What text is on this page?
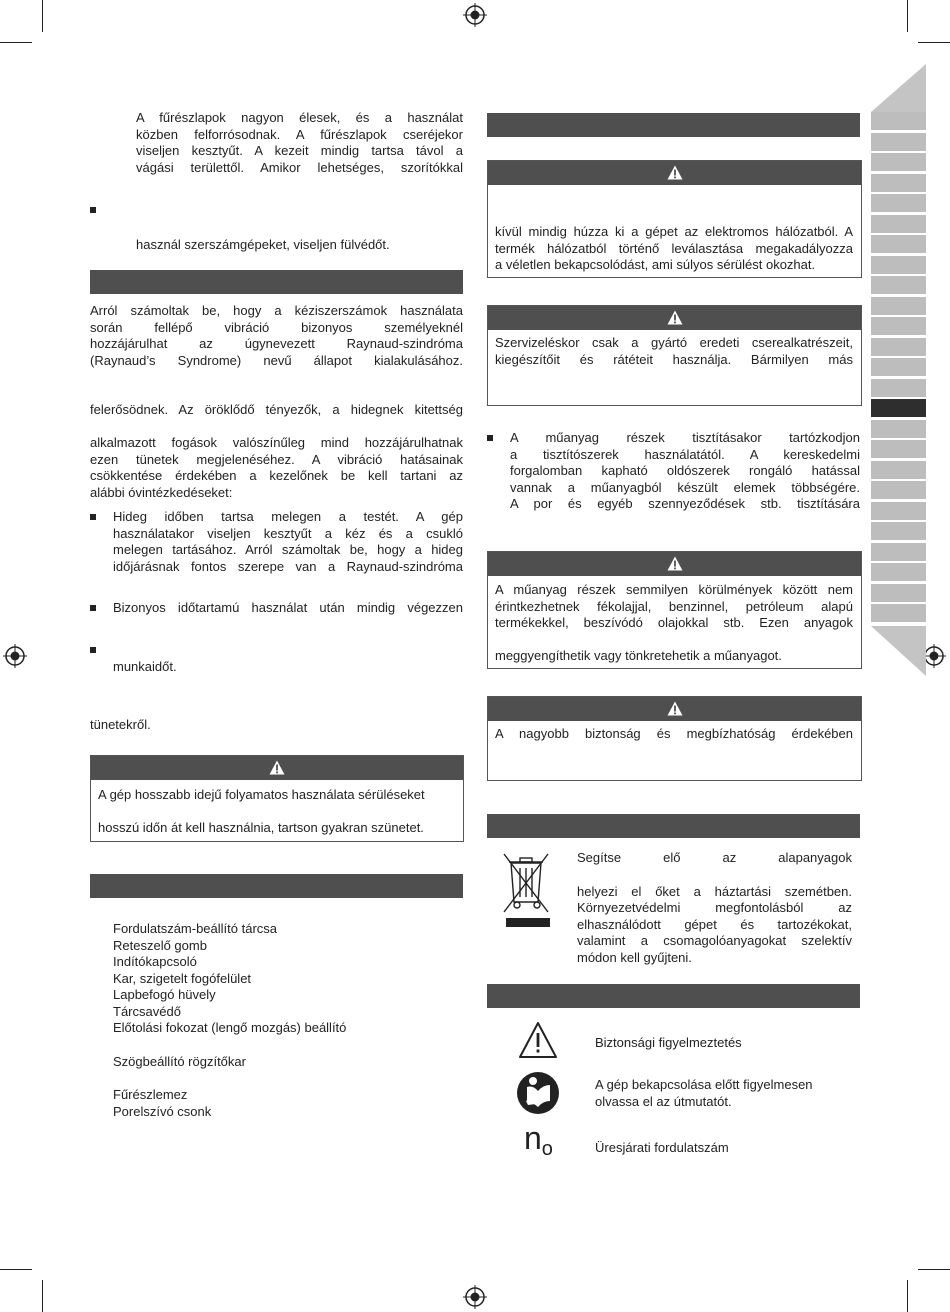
A fűrészlapok nagyon élesek, és a használat
közben felforrósodnak. A fűrészlapok cseréjekor
viseljen kesztyűt. A kezeit mindig tartsa távol a
vágási területtől. Amikor lehetséges, szorítókkal
használ szerszámgépeket, viseljen fülvédőt.
Arról számoltak be, hogy a kéziszerszámok használata
során fellépő vibráció bizonyos személyeknél
hozzájárulhat az úgynevezett Raynaud-szindróma
(Raynaud’s Syndrome) nevű állapot kialakulásához.
felerősödnek. Az öröklődő tényezők, a hidegnek kitettség
alkalmazott fogások valószínűleg mind hozzájárulhatnak
ezen tünetek megjelenéséhez. A vibráció hatásainak
csökkentése érdekében a kezelőnek be kell tartani az
alábbi óvintézkedéseket:
Hideg időben tartsa melegen a testét. A gép
használatakor viseljen kesztyűt a kéz és a csukló
melegen tartásához. Arról számoltak be, hogy a hideg
időjárásnak fontos szerepe van a Raynaud-szindróma
Bizonyos időtartamú használat után mindig végezzen
munkaidőt.
tünetekről.
A gép hosszabb idejű folyamatos használata sérüléseket
hosszú időn át kell használnia, tartson gyakran szünetet.
Fordulatszám-beállító tárcsa
Reteszelő gomb
Indítókapcsoló
Kar, szigetelt fogófelület
Lapbefogó hüvely
Tárcsavédő
Előtolási fokozat (lengő mozgás) beállító
Szögbeállító rögzítőkar
Fűrészlemez
Porelszívó csonk
kívül mindig húzza ki a gépet az elektromos hálózatból. A
termék hálózatból történő leválasztása megakadályozza
a véletlen bekapcsolódást, ami súlyos sérülést okozhat.
Szervizeléskor csak a gyártó eredeti cserealkatrészeit,
kiegészítőit és rátéteit használja. Bármilyen más
A műanyag részek tisztításakor tartózkodjon
a tisztítószerek használatától. A kereskedelmi
forgalomban kapható oldószerek rongáló hatással
vannak a műanyagból készült elemek többségére.
A por és egyéb szennyeződések stb. tisztítására
A műanyag részek semmilyen körülmények között nem
érintkezhetnek fékolajjal, benzinnel, petróleum alapú
termékekkel, beszívódó olajokkal stb. Ezen anyagok
meggyengíthetik vagy tönkretehetik a műanyagot.
A nagyobb biztonság és megbízhatóság érdekében
Segítse	elő	az	alapanyagok
helyezi el őket a háztartási szemétben.
Környezetvédelmi megfontolásból az
elhasználódott gépet és tartozékokat,
valamint a csomagolóanyagokat szelektív
módon kell gyűjteni.
Biztonsági figyelmeztetés
A gép bekapcsolása előtt figyelmesen
olvassa el az útmutatót.
no	Üresjárati fordulatszám
